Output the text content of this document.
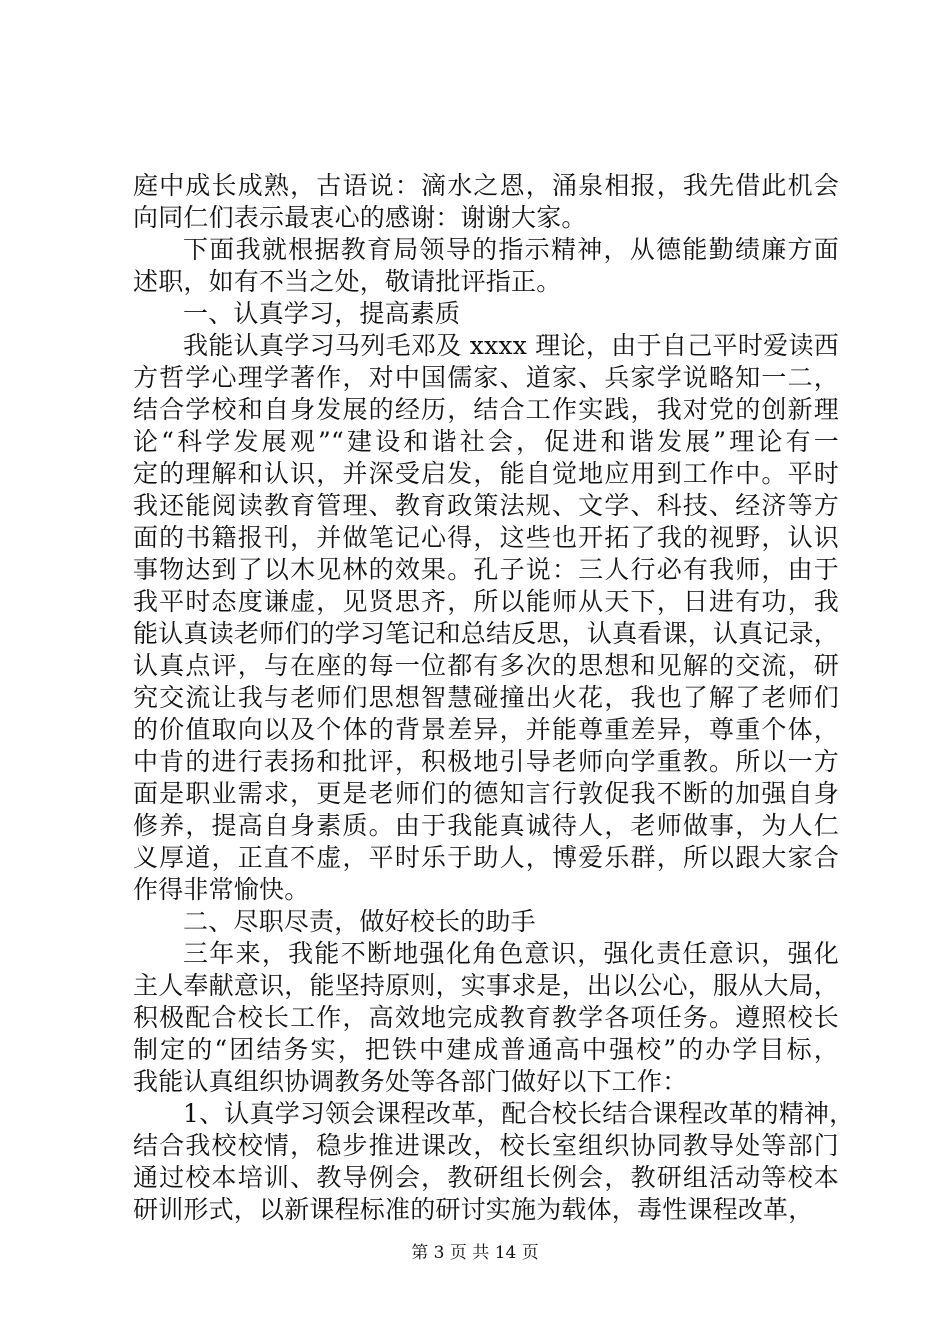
庭中成长成熟，古语说：滴水之恩，涌泉相报，我先借此机会
向同仁们表示最衷心的感谢：谢谢大家。
下面我就根据教育局领导的指示精神，从德能勤绩廉方面
述职，如有不当之处，敬请批评指正。
一、认真学习，提高素质
我能认真学习马列毛邓及 xxxx 理论，由于自己平时爱读西
方哲学心理学著作，对中国儒家、道家、兵家学说略知一二，
结合学校和自身发展的经历，结合工作实践，我对党的创新理
论“科学发展观”“建设和谐社会，促进和谐发展”理论有一
定的理解和认识，并深受启发，能自觉地应用到工作中。平时
我还能阅读教育管理、教育政策法规、文学、科技、经济等方
面的书籍报刊，并做笔记心得，这些也开拓了我的视野，认识
事物达到了以木见林的效果。孔子说：三人行必有我师，由于
我平时态度谦虚，见贤思齐，所以能师从天下，日进有功，我
能认真读老师们的学习笔记和总结反思，认真看课，认真记录，
认真点评，与在座的每一位都有多次的思想和见解的交流，研
究交流让我与老师们思想智慧碰撞出火花，我也了解了老师们
的价值取向以及个体的背景差异，并能尊重差异，尊重个体，
中肯的进行表扬和批评，积极地引导老师向学重教。所以一方
面是职业需求，更是老师们的德知言行敦促我不断的加强自身
修养，提高自身素质。由于我能真诚待人，老师做事，为人仁
义厚道，正直不虚，平时乐于助人，博爱乐群，所以跟大家合
作得非常愉快。
二、尽职尽责，做好校长的助手
三年来，我能不断地强化角色意识，强化责任意识，强化
主人奉献意识，能坚持原则，实事求是，出以公心，服从大局，
积极配合校长工作，高效地完成教育教学各项任务。遵照校长
制定的“团结务实，把铁中建成普通高中强校”的办学目标，
我能认真组织协调教务处等各部门做好以下工作：
1、认真学习领会课程改革，配合校长结合课程改革的精神，
结合我校校情，稳步推进课改，校长室组织协同教导处等部门
通过校本培训、教导例会，教研组长例会，教研组活动等校本
研训形式，以新课程标准的研讨实施为载体，毒性课程改革，
第 3 页 共 14 页
